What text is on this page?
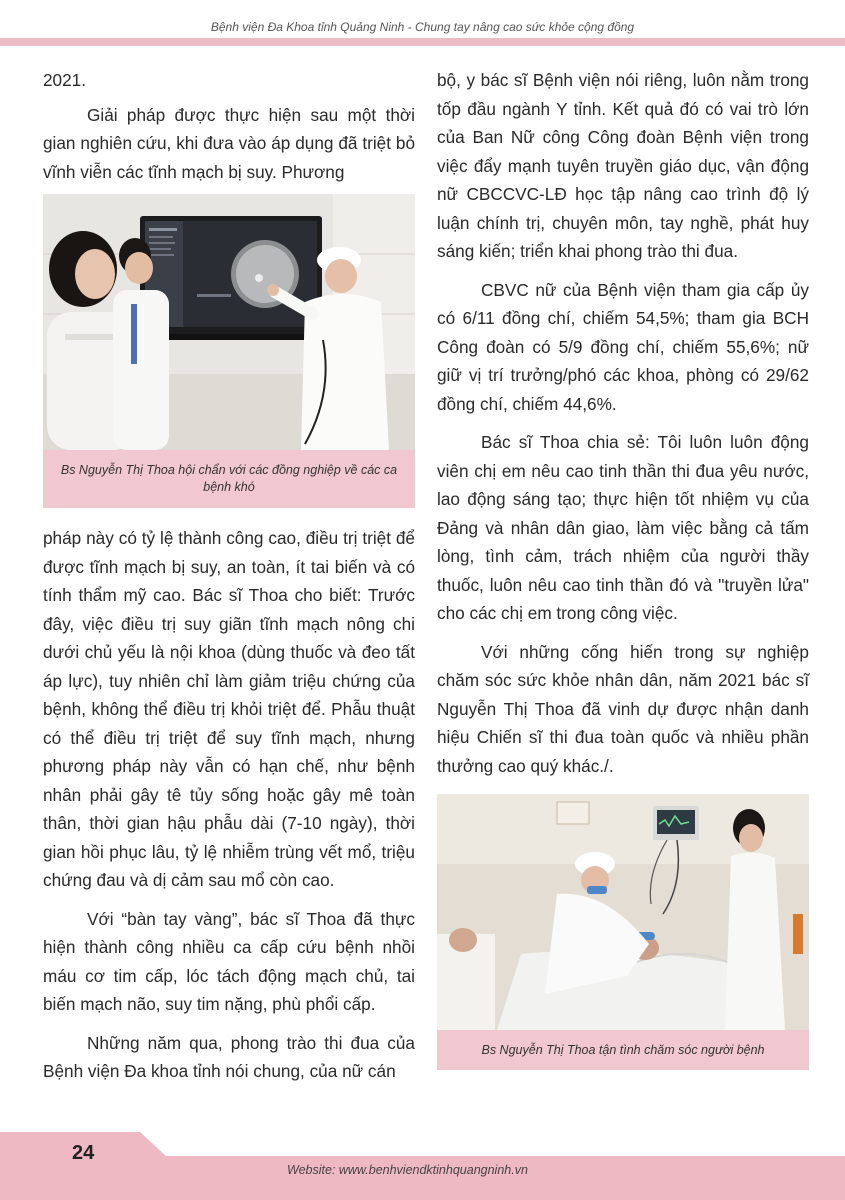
Bệnh viện Đa Khoa tỉnh Quảng Ninh - Chung tay nâng cao sức khỏe cộng đồng

2021.

Giải pháp được thực hiện sau một thời gian nghiên cứu, khi đưa vào áp dụng đã triệt bỏ vĩnh viễn các tĩnh mạch bị suy. Phương

Bs Nguyễn Thị Thoa hội chẩn với các đồng nghiệp về các ca bệnh khó

pháp này có tỷ lệ thành công cao, điều trị triệt để được tĩnh mạch bị suy, an toàn, ít tai biến và có tính thẩm mỹ cao. Bác sĩ Thoa cho biết: Trước đây, việc điều trị suy giãn tĩnh mạch nông chi dưới chủ yếu là nội khoa (dùng thuốc và đeo tất áp lực), tuy nhiên chỉ làm giảm triệu chứng của bệnh, không thể điều trị khỏi triệt để. Phẫu thuật có thể điều trị triệt để suy tĩnh mạch, nhưng phương pháp này vẫn có hạn chế, như bệnh nhân phải gây tê tủy sống hoặc gây mê toàn thân, thời gian hậu phẫu dài (7-10 ngày), thời gian hồi phục lâu, tỷ lệ nhiễm trùng vết mổ, triệu chứng đau và dị cảm sau mổ còn cao.

Với “bàn tay vàng”, bác sĩ Thoa đã thực hiện thành công nhiều ca cấp cứu bệnh nhồi máu cơ tim cấp, lóc tách động mạch chủ, tai biến mạch não, suy tim nặng, phù phổi cấp.

Những năm qua, phong trào thi đua của Bệnh viện Đa khoa tỉnh nói chung, của nữ cán

bộ, y bác sĩ Bệnh viện nói riêng, luôn nằm trong tốp đầu ngành Y tỉnh. Kết quả đó có vai trò lớn của Ban Nữ công Công đoàn Bệnh viện trong việc đẩy mạnh tuyên truyền giáo dục, vận động nữ CBCCVC-LĐ học tập nâng cao trình độ lý luận chính trị, chuyên môn, tay nghề, phát huy sáng kiến; triển khai phong trào thi đua.

CBVC nữ của Bệnh viện tham gia cấp ủy có 6/11 đồng chí, chiếm 54,5%; tham gia BCH Công đoàn có 5/9 đồng chí, chiếm 55,6%; nữ giữ vị trí trưởng/phó các khoa, phòng có 29/62 đồng chí, chiếm 44,6%.

Bác sĩ Thoa chia sẻ: Tôi luôn luôn động viên chị em nêu cao tinh thần thi đua yêu nước, lao động sáng tạo; thực hiện tốt nhiệm vụ của Đảng và nhân dân giao, làm việc bằng cả tấm lòng, tình cảm, trách nhiệm của người thầy thuốc, luôn nêu cao tinh thần đó và "truyền lửa" cho các chị em trong công việc.

Với những cống hiến trong sự nghiệp chăm sóc sức khỏe nhân dân, năm 2021 bác sĩ Nguyễn Thị Thoa đã vinh dự được nhận danh hiệu Chiến sĩ thi đua toàn quốc và nhiều phần thưởng cao quý khác./.

Bs Nguyễn Thị Thoa tận tình chăm sóc người bệnh
24
Website: www.benhviendktinhquangninh.vn
